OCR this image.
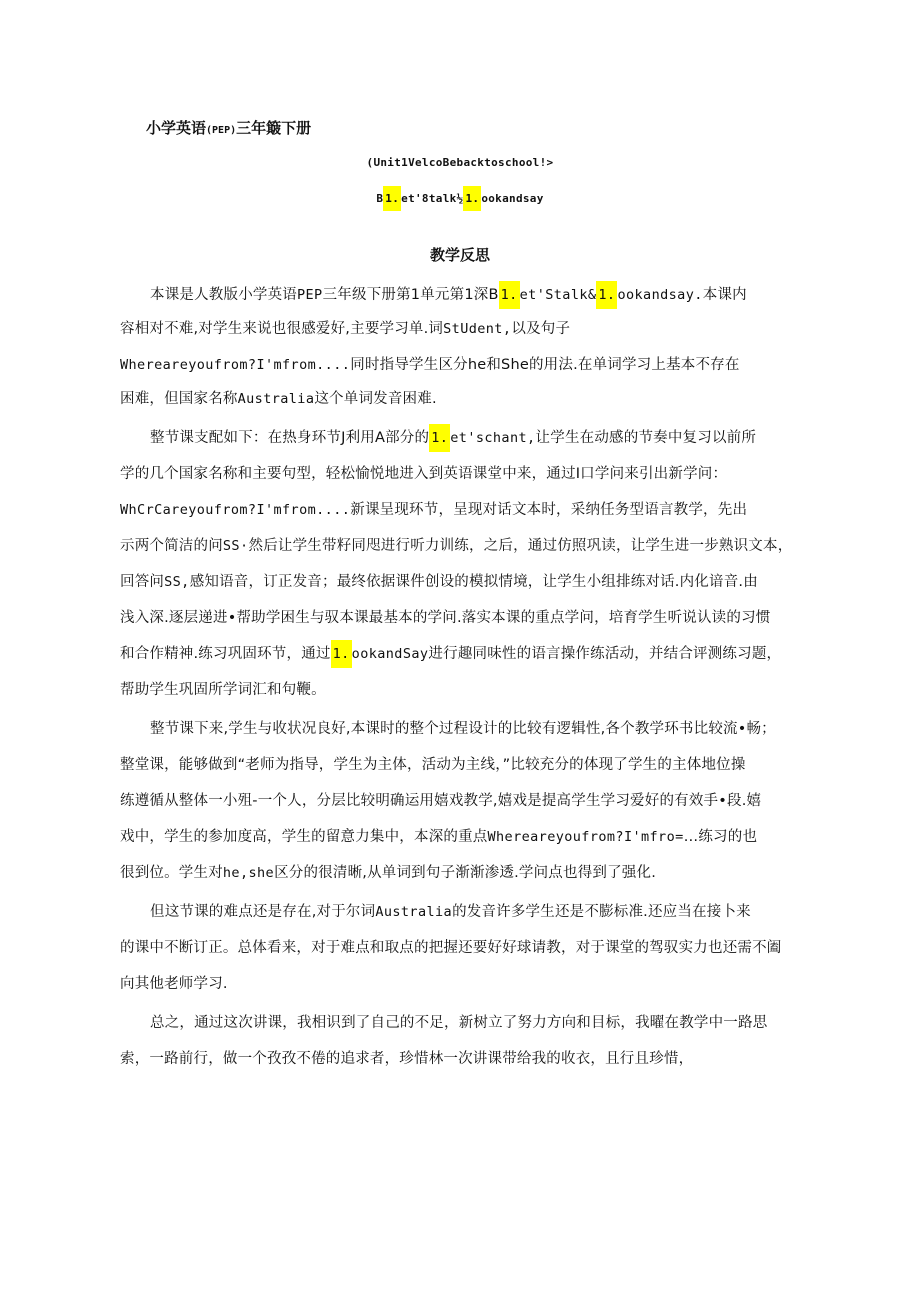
小学英语(PEP)三年簸下册
(Unit1VelcoBebacktoschool!>
B 1. et'8talk½ 1. ookandsay
教学反思
本课是人教版小学英语PEP三年级下册第1单元第1深B 1. et'Stalk& 1. ookandsay.本课内
容相对不难,对学生来说也很感爱好,主要学习单.词StUdent,以及句子
Whereareyoufrom?I'mfrom....同时指导学生区分he和She的用法.在单词学习上基本不存在
困难，但国家名称Australia这个单词发音困难.
整节课支配如下：在热身环节J利用A部分的 1. et'schant,让学生在动感的节奏中复习以前所
学的几个国家名称和主要句型，轻松愉悦地进入到英语课堂中来，通过I口学问来引出新学问：
WhCrCareyoufrom?I'mfrom....新课呈现环节，呈现对话文本时，采纳任务型语言教学，先出
示两个简洁的问SS·然后让学生带籽同咫进行听力训练，之后，通过仿照巩读，让学生进一步熟识文本，
回答问SS,感知语音，订正发音；最终依据课件创设的模拟情境，让学生小组排练对话.内化谙音.由
浅入深.逐层递进•帮助学困生与驭本课最基本的学问.落实本课的重点学问，培育学生听说认读的习惯
和合作精神.练习巩固环节，通过 1. ookandSay进行趣同味性的语言操作练活动，并结合评测练习题，
帮助学生巩固所学词汇和句鞭。
整节课下来,学生与收状况良好,本课时的整个过程设计的比较有逻辑性,各个教学环书比较流•畅；
整堂课，能够做到“老师为指导，学生为主体，活动为主线，”比较充分的体现了学生的主体地位操
练遵循从整体一小殂-一个人，分层比较明确运用嬉戏教学,嬉戏是提高学生学习爱好的有效手•段.嬉
戏中，学生的参加度高，学生的留意力集中，本深的重点Whereareyoufrom?I'mfro=…练习的也
很到位。学生对he,she区分的很清晰,从单词到句子渐渐渗透.学问点也得到了强化.
但这节课的难点还是存在,对于尔词Australia的发音许多学生还是不膨标准.还应当在接卜来
的课中不断订正。总体看来，对于难点和取点的把握还要好好球请教，对于课堂的驾驭实力也还需不阖
向其他老师学习.
总之，通过这次讲课，我相识到了自己的不足，新树立了努力方向和目标，我曜在教学中一路思
索，一路前行，做一个孜孜不倦的追求者，珍惜林一次讲课带给我的收衣，且行且珍惜，
